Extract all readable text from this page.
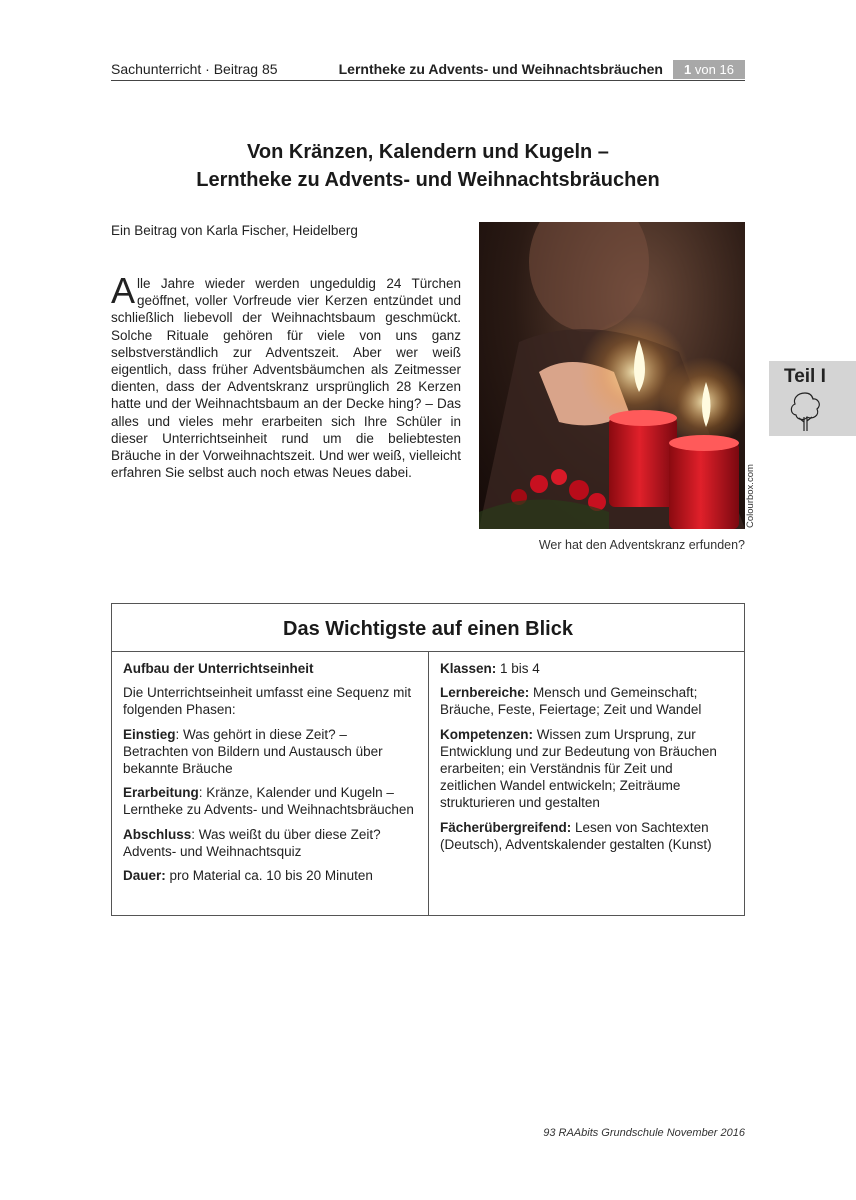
Sachunterricht · Beitrag 85	Lerntheke zu Advents- und Weihnachtsbräuchen	1 von 16
Von Kränzen, Kalendern und Kugeln –
Lerntheke zu Advents- und Weihnachtsbräuchen
Ein Beitrag von Karla Fischer, Heidelberg
Alle Jahre wieder werden ungeduldig 24 Türchen geöffnet, voller Vorfreude vier Kerzen entzündet und schließlich liebevoll der Weihnachtsbaum geschmückt. Solche Rituale gehören für viele von uns ganz selbstverständlich zur Adventszeit. Aber wer weiß eigentlich, dass früher Adventsbäumchen als Zeitmesser dienten, dass der Adventskranz ursprünglich 28 Kerzen hatte und der Weihnachtsbaum an der Decke hing? – Das alles und vieles mehr erarbeiten sich Ihre Schüler in dieser Unterrichtseinheit rund um die beliebtesten Bräuche in der Vorweihnachtszeit. Und wer weiß, vielleicht erfahren Sie selbst auch noch etwas Neues dabei.	Colourbox.com
Wer hat den Adventskranz erfunden?
Teil I
Das Wichtigste auf einen Blick

Aufbau der Unterrichtseinheit

Die Unterrichtseinheit umfasst eine Sequenz mit folgenden Phasen:

Einstieg: Was gehört in diese Zeit? – Betrachten von Bildern und Austausch über bekannte Bräuche

Erarbeitung: Kränze, Kalender und Kugeln – Lerntheke zu Advents- und Weihnachtsbräuchen

Abschluss: Was weißt du über diese Zeit? Advents- und Weihnachtsquiz

Dauer: pro Material ca. 10 bis 20 Minuten

Klassen: 1 bis 4

Lernbereiche: Mensch und Gemeinschaft; Bräuche, Feste, Feiertage; Zeit und Wandel

Kompetenzen: Wissen zum Ursprung, zur Entwicklung und zur Bedeutung von Bräuchen erarbeiten; ein Verständnis für Zeit und zeitlichen Wandel entwickeln; Zeiträume strukturieren und gestalten

Fächerübergreifend: Lesen von Sachtexten (Deutsch), Adventskalender gestalten (Kunst)

93 RAAbits Grundschule November 2016
